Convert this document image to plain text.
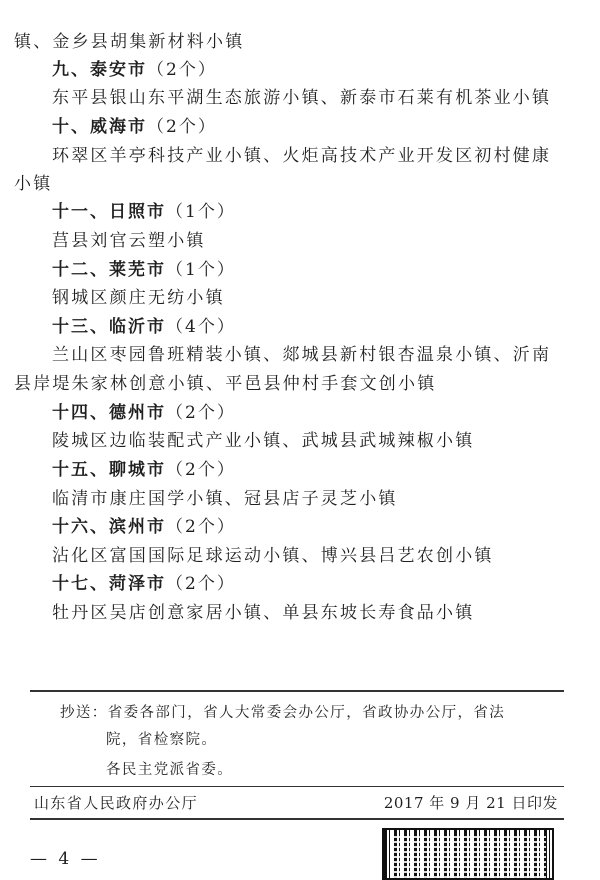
镇、金乡县胡集新材料小镇
九、泰安市（2个）
东平县银山东平湖生态旅游小镇、新泰市石莱有机茶业小镇
十、威海市（2个）
环翠区羊亭科技产业小镇、火炬高技术产业开发区初村健康
小镇
十一、日照市（1个）
莒县刘官云塑小镇
十二、莱芜市（1个）
钢城区颜庄无纺小镇
十三、临沂市（4个）
兰山区枣园鲁班精装小镇、郯城县新村银杏温泉小镇、沂南
县岸堤朱家林创意小镇、平邑县仲村手套文创小镇
十四、德州市（2个）
陵城区边临装配式产业小镇、武城县武城辣椒小镇
十五、聊城市（2个）
临清市康庄国学小镇、冠县店子灵芝小镇
十六、滨州市（2个）
沾化区富国国际足球运动小镇、博兴县吕艺农创小镇
十七、菏泽市（2个）
牡丹区吴店创意家居小镇、单县东坡长寿食品小镇
抄送：省委各部门，省人大常委会办公厅，省政协办公厅，省法
院，省检察院。
各民主党派省委。
山东省人民政府办公厅	2017 年 9 月 21 日印发
— 4 —
